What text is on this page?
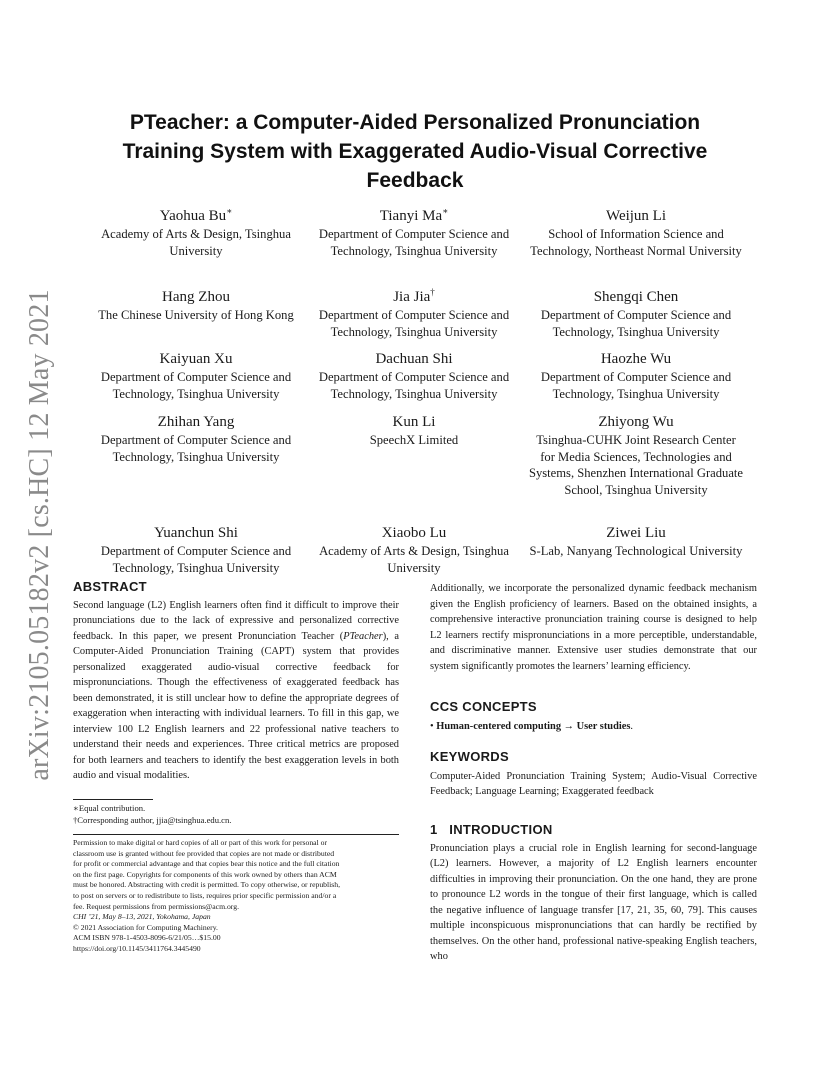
arXiv:2105.05182v2 [cs.HC] 12 May 2021
PTeacher: a Computer-Aided Personalized Pronunciation Training System with Exaggerated Audio-Visual Corrective Feedback
Yaohua Bu∗
Academy of Arts & Design, Tsinghua University
Tianyi Ma∗
Department of Computer Science and Technology, Tsinghua University
Weijun Li
School of Information Science and Technology, Northeast Normal University
Hang Zhou
The Chinese University of Hong Kong
Jia Jia†
Department of Computer Science and Technology, Tsinghua University
Shengqi Chen
Department of Computer Science and Technology, Tsinghua University
Kaiyuan Xu
Department of Computer Science and Technology, Tsinghua University
Dachuan Shi
Department of Computer Science and Technology, Tsinghua University
Haozhe Wu
Department of Computer Science and Technology, Tsinghua University
Zhihan Yang
Department of Computer Science and Technology, Tsinghua University
Kun Li
SpeechX Limited
Zhiyong Wu
Tsinghua-CUHK Joint Research Center for Media Sciences, Technologies and Systems, Shenzhen International Graduate School, Tsinghua University
Yuanchun Shi
Department of Computer Science and Technology, Tsinghua University
Xiaobo Lu
Academy of Arts & Design, Tsinghua University
Ziwei Liu
S-Lab, Nanyang Technological University
ABSTRACT

Second language (L2) English learners often find it difficult to improve their pronunciations due to the lack of expressive and personalized corrective feedback. In this paper, we present Pronunciation Teacher (PTeacher), a Computer-Aided Pronunciation Training (CAPT) system that provides personalized exaggerated audio-visual corrective feedback for mispronunciations. Though the effectiveness of exaggerated feedback has been demonstrated, it is still unclear how to define the appropriate degrees of exaggeration when interacting with individual learners. To fill in this gap, we interview 100 L2 English learners and 22 professional native teachers to understand their needs and experiences. Three critical metrics are proposed for both learners and teachers to identify the best exaggeration levels in both audio and visual modalities.

∗Equal contribution.
†Corresponding author, jjia@tsinghua.edu.cn.
Permission to make digital or hard copies of all or part of this work for personal or
classroom use is granted without fee provided that copies are not made or distributed
for profit or commercial advantage and that copies bear this notice and the full citation
on the first page. Copyrights for components of this work owned by others than ACM
must be honored. Abstracting with credit is permitted. To copy otherwise, or republish,
to post on servers or to redistribute to lists, requires prior specific permission and/or a
fee. Request permissions from permissions@acm.org.
CHI ’21, May 8–13, 2021, Yokohama, Japan
© 2021 Association for Computing Machinery.
ACM ISBN 978-1-4503-8096-6/21/05…$15.00
https://doi.org/10.1145/3411764.3445490

Additionally, we incorporate the personalized dynamic feedback mechanism given the English proficiency of learners. Based on the obtained insights, a comprehensive interactive pronunciation training course is designed to help L2 learners rectify mispronunciations in a more perceptible, understandable, and discriminative manner. Extensive user studies demonstrate that our system significantly promotes the learners’ learning efficiency.

CCS CONCEPTS
• Human-centered computing → User studies.
KEYWORDS

Computer-Aided Pronunciation Training System; Audio-Visual Corrective Feedback; Language Learning; Exaggerated feedback

1 INTRODUCTION

Pronunciation plays a crucial role in English learning for second-language (L2) learners. However, a majority of L2 English learners encounter difficulties in improving their pronunciation. On the one hand, they are prone to pronounce L2 words in the tongue of their first language, which is called the negative influence of language transfer [17, 21, 35, 60, 79]. This causes multiple inconspicuous mispronunciations that can hardly be rectified by themselves. On the other hand, professional native-speaking English teachers, who
